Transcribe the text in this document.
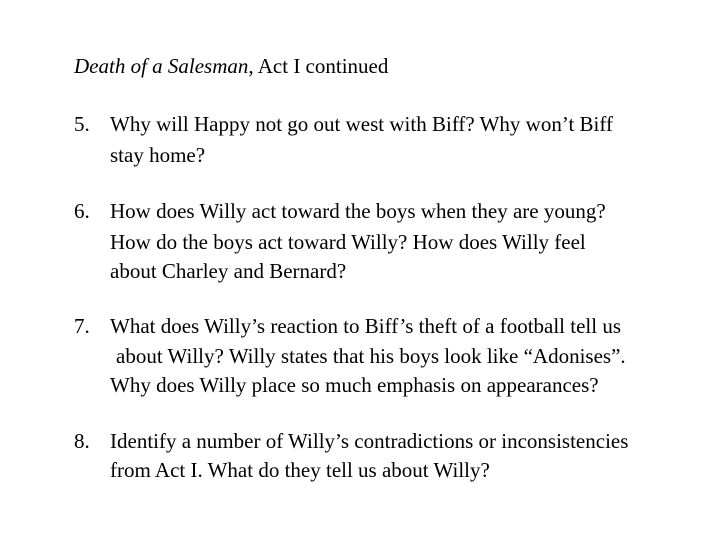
Death of a Salesman, Act I continued
5. Why will Happy not go out west with Biff? Why won’t Biff
stay home?
6. How does Willy act toward the boys when they are young?
How do the boys act toward Willy? How does Willy feel
about Charley and Bernard?
7. What does Willy’s reaction to Biff’s theft of a football tell us
about Willy? Willy states that his boys look like “Adonises”.
Why does Willy place so much emphasis on appearances?
8. Identify a number of Willy’s contradictions or inconsistencies
from Act I. What do they tell us about Willy?
